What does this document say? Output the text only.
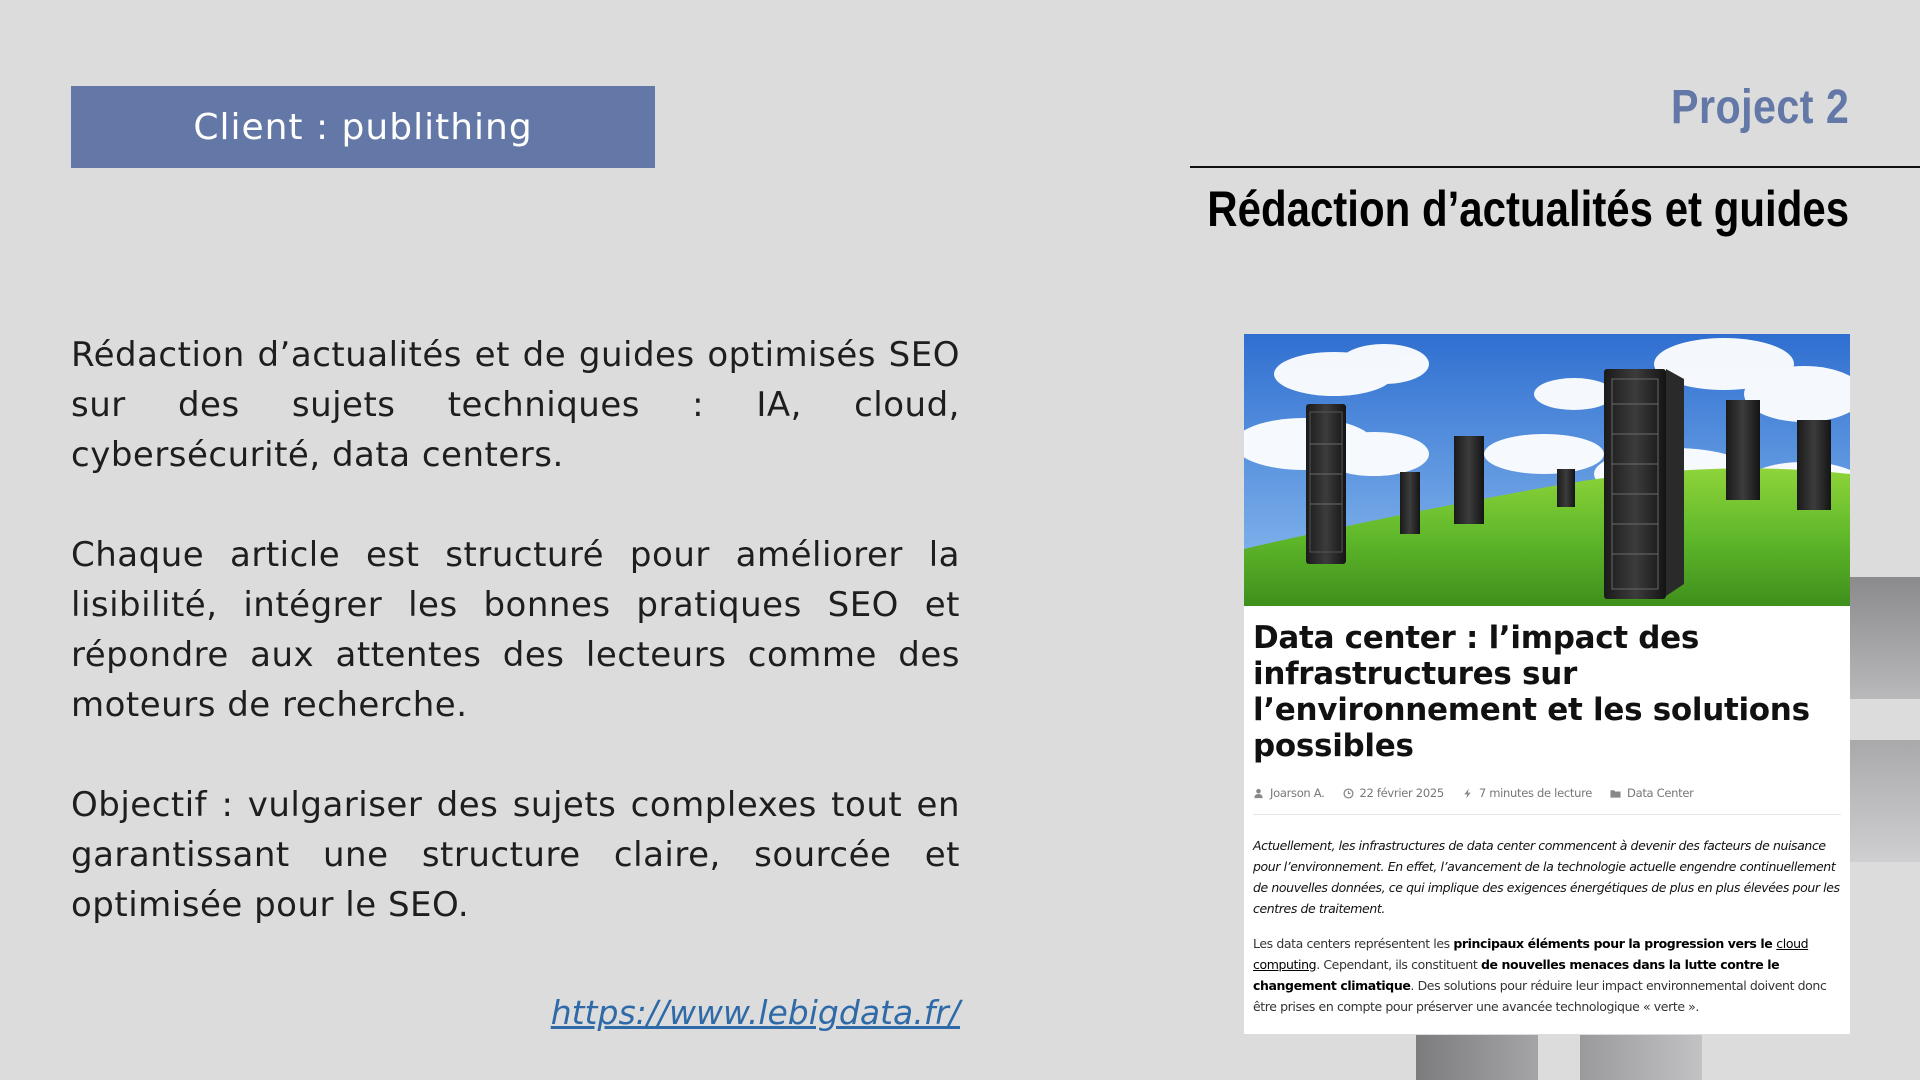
Client : publithing

Rédaction d’actualités et de guides optimisés SEO sur des sujets techniques : IA, cloud, cybersécurité, data centers.

Chaque article est structuré pour améliorer la lisibilité, intégrer les bonnes pratiques SEO et répondre aux attentes des lecteurs comme des moteurs de recherche.

Objectif : vulgariser des sujets complexes tout en garantissant une structure claire, sourcée et optimisée pour le SEO.

https://www.lebigdata.fr/
Project 2
Rédaction d’actualités et guides
Data center : l’impact des infrastructures sur l’environnement et les solutions possibles
Joarson A.	22 février 2025	7 minutes de lecture	Data Center
Actuellement, les infrastructures de data center commencent à devenir des facteurs de nuisance pour l’environnement. En effet, l’avancement de la technologie actuelle engendre continuellement de nouvelles données, ce qui implique des exigences énergétiques de plus en plus élevées pour les centres de traitement.
Les data centers représentent les principaux éléments pour la progression vers le cloud computing. Cependant, ils constituent de nouvelles menaces dans la lutte contre le changement climatique. Des solutions pour réduire leur impact environnemental doivent donc être prises en compte pour préserver une avancée technologique « verte ».
